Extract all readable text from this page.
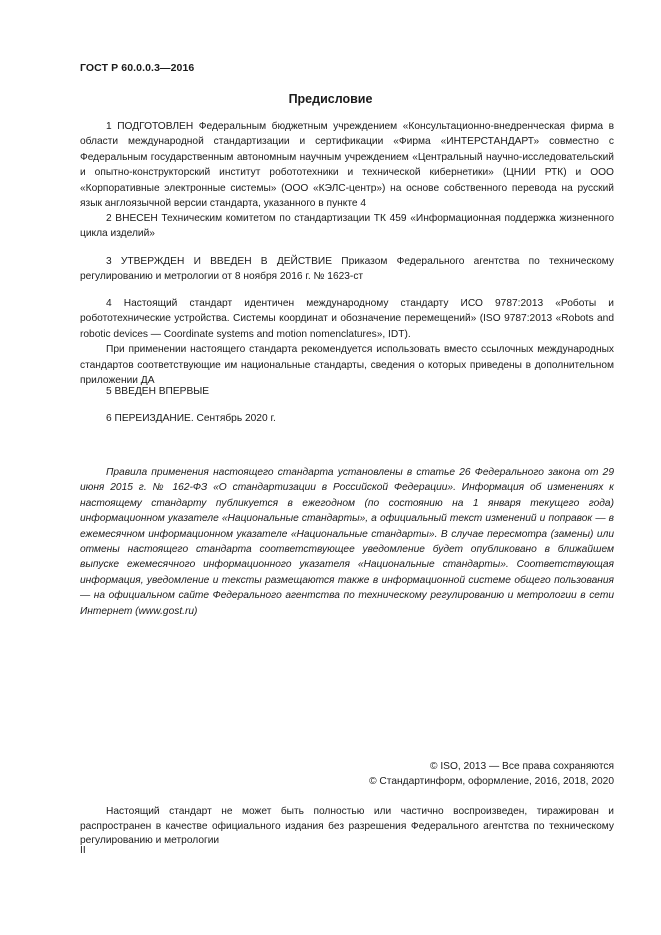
ГОСТ Р 60.0.0.3—2016
Предисловие

1 ПОДГОТОВЛЕН Федеральным бюджетным учреждением «Консультационно-внедренческая фирма в области международной стандартизации и сертификации «Фирма «ИНТЕРСТАНДАРТ» совместно с Федеральным государственным автономным научным учреждением «Центральный научно-исследовательский и опытно-конструкторский институт робототехники и технической кибернетики» (ЦНИИ РТК) и ООО «Корпоративные электронные системы» (ООО «КЭЛС-центр») на основе собственного перевода на русский язык англоязычной версии стандарта, указанного в пункте 4

2 ВНЕСЕН Техническим комитетом по стандартизации ТК 459 «Информационная поддержка жизненного цикла изделий»

3 УТВЕРЖДЕН И ВВЕДЕН В ДЕЙСТВИЕ Приказом Федерального агентства по техническому регулированию и метрологии от 8 ноября 2016 г. № 1623-ст

4 Настоящий стандарт идентичен международному стандарту ИСО 9787:2013 «Роботы и робототехнические устройства. Системы координат и обозначение перемещений» (ISO 9787:2013 «Robots and robotic devices — Coordinate systems and motion nomenclatures», IDT).

При применении настоящего стандарта рекомендуется использовать вместо ссылочных международных стандартов соответствующие им национальные стандарты, сведения о которых приведены в дополнительном приложении ДА

5 ВВЕДЕН ВПЕРВЫЕ

6 ПЕРЕИЗДАНИЕ. Сентябрь 2020 г.

Правила применения настоящего стандарта установлены в статье 26 Федерального закона от 29 июня 2015 г. № 162-ФЗ «О стандартизации в Российской Федерации». Информация об изменениях к настоящему стандарту публикуется в ежегодном (по состоянию на 1 января текущего года) информационном указателе «Национальные стандарты», а официальный текст изменений и поправок — в ежемесячном информационном указателе «Национальные стандарты». В случае пересмотра (замены) или отмены настоящего стандарта соответствующее уведомление будет опубликовано в ближайшем выпуске ежемесячного информационного указателя «Национальные стандарты». Соответствующая информация, уведомление и тексты размещаются также в информационной системе общего пользования — на официальном сайте Федерального агентства по техническому регулированию и метрологии в сети Интернет (www.gost.ru)

© ISO, 2013 — Все права сохраняются
© Стандартинформ, оформление, 2016, 2018, 2020

Настоящий стандарт не может быть полностью или частично воспроизведен, тиражирован и распространен в качестве официального издания без разрешения Федерального агентства по техническому регулированию и метрологии

II
